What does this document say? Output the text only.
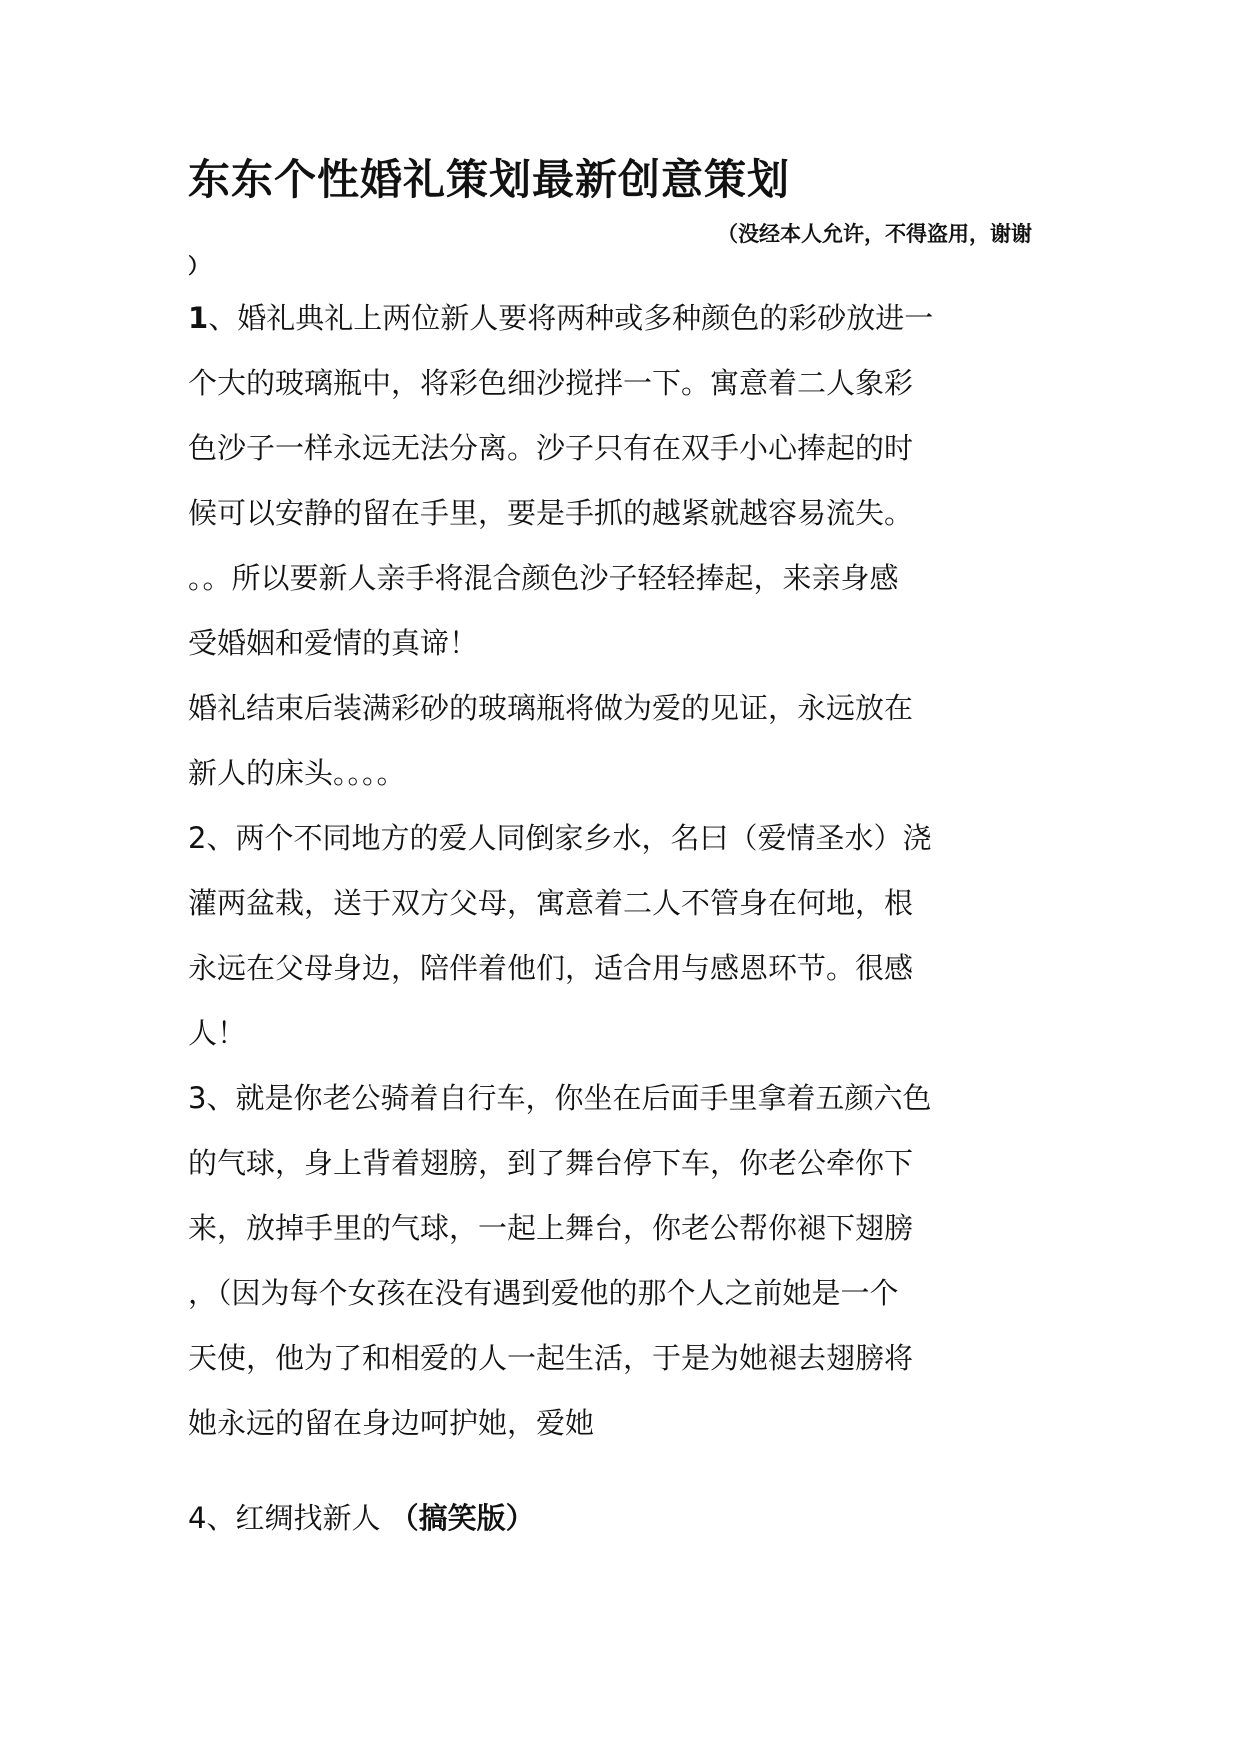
东东个性婚礼策划最新创意策划
（没经本人允许，不得盗用，谢谢
）
1、婚礼典礼上两位新人要将两种或多种颜色的彩砂放进一
个大的玻璃瓶中，将彩色细沙搅拌一下。寓意着二人象彩
色沙子一样永远无法分离。沙子只有在双手小心捧起的时
候可以安静的留在手里，要是手抓的越紧就越容易流失。
。。所以要新人亲手将混合颜色沙子轻轻捧起，来亲身感
受婚姻和爱情的真谛！
婚礼结束后装满彩砂的玻璃瓶将做为爱的见证，永远放在
新人的床头。。。。
2、两个不同地方的爱人同倒家乡水，名曰（爱情圣水）浇
灌两盆栽，送于双方父母，寓意着二人不管身在何地，根
永远在父母身边，陪伴着他们，适合用与感恩环节。很感
人！
3、就是你老公骑着自行车，你坐在后面手里拿着五颜六色
的气球，身上背着翅膀，到了舞台停下车，你老公牵你下
来，放掉手里的气球，一起上舞台，你老公帮你褪下翅膀
，（因为每个女孩在没有遇到爱他的那个人之前她是一个
天使，他为了和相爱的人一起生活，于是为她褪去翅膀将
她永远的留在身边呵护她，爱她
4、红绸找新人 （搞笑版）
